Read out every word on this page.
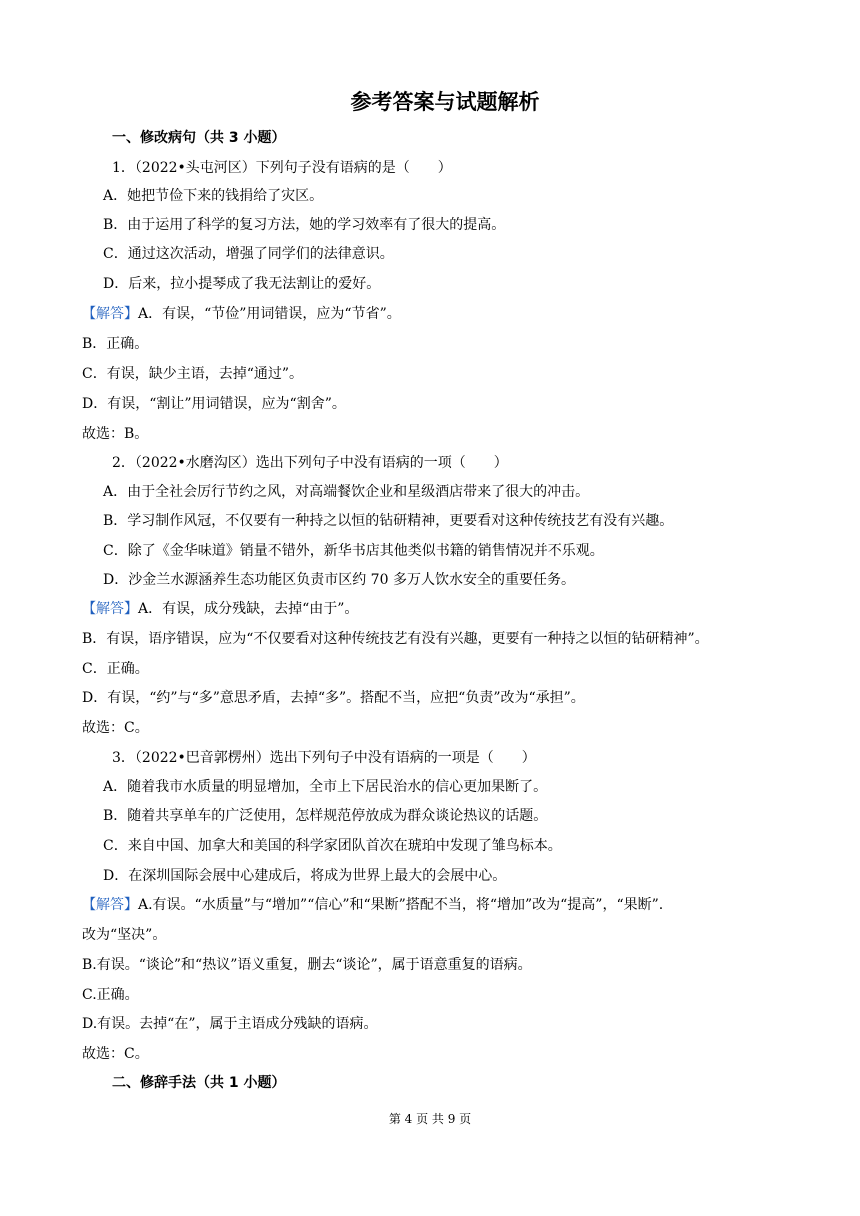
参考答案与试题解析
一、修改病句（共 3 小题）
1．（2022•头屯河区）下列句子没有语病的是（　　）
A．她把节俭下来的钱捐给了灾区。
B．由于运用了科学的复习方法，她的学习效率有了很大的提高。
C．通过这次活动，增强了同学们的法律意识。
D．后来，拉小提琴成了我无法割让的爱好。
【解答】A．有误，“节俭”用词错误，应为“节省”。
B．正确。
C．有误，缺少主语，去掉“通过”。
D．有误，“割让”用词错误，应为“割舍”。
故选：B。
2．（2022•水磨沟区）选出下列句子中没有语病的一项（　　）
A．由于全社会厉行节约之风，对高端餐饮企业和星级酒店带来了很大的冲击。
B．学习制作风冠，不仅要有一种持之以恒的钻研精神，更要看对这种传统技艺有没有兴趣。
C．除了《金华味道》销量不错外，新华书店其他类似书籍的销售情况并不乐观。
D．沙金兰水源涵养生态功能区负责市区约 70 多万人饮水安全的重要任务。
【解答】A．有误，成分残缺，去掉“由于”。
B．有误，语序错误，应为“不仅要看对这种传统技艺有没有兴趣，更要有一种持之以恒的钻研精神”。
C．正确。
D．有误，“约”与“多”意思矛盾，去掉“多”。搭配不当，应把“负责”改为“承担”。
故选：C。
3．（2022•巴音郭楞州）选出下列句子中没有语病的一项是（　　）
A．随着我市水质量的明显增加，全市上下居民治水的信心更加果断了。
B．随着共享单车的广泛使用，怎样规范停放成为群众谈论热议的话题。
C．来自中国、加拿大和美国的科学家团队首次在琥珀中发现了雏鸟标本。
D．在深圳国际会展中心建成后，将成为世界上最大的会展中心。
【解答】A.有误。“水质量”与“增加”“信心”和“果断”搭配不当，将“增加”改为“提高”，“果断”.
改为“坚决”。
B.有误。“谈论”和“热议”语义重复，删去“谈论”，属于语意重复的语病。
C.正确。
D.有误。去掉“在”，属于主语成分残缺的语病。
故选：C。
二、修辞手法（共 1 小题）
第 4 页 共 9 页
